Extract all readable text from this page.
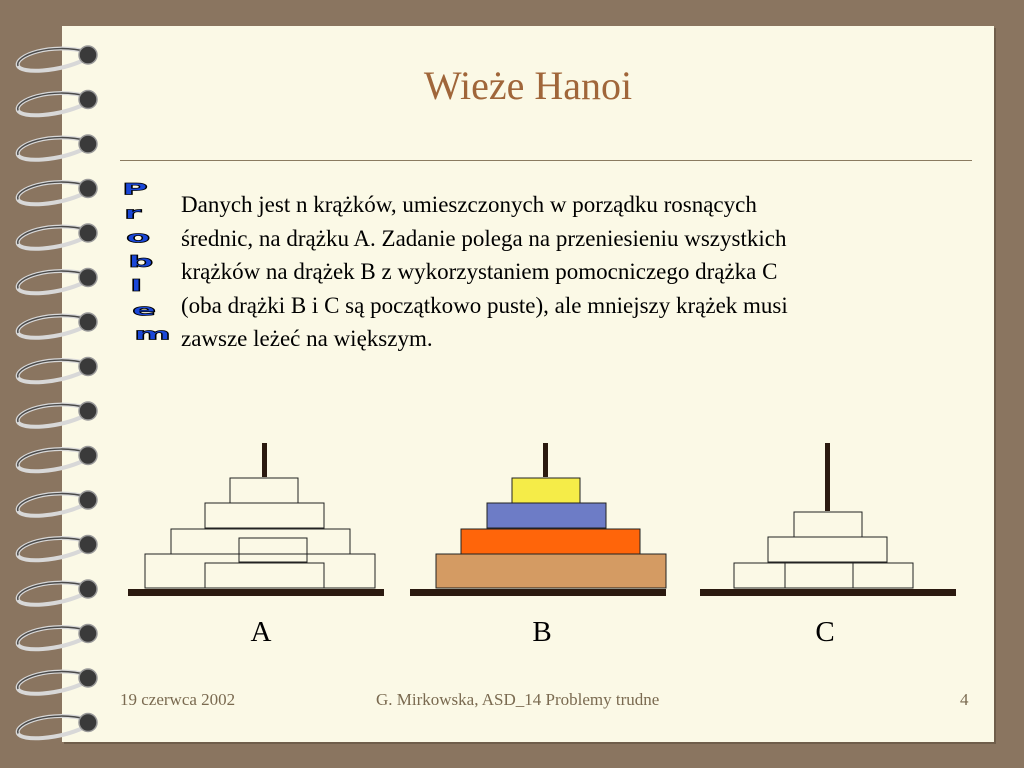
Wieże Hanoi
P
r
o
b
l
e
m
Danych jest n krążków, umieszczonych w porządku rosnących
średnic, na drążku A. Zadanie polega na przeniesieniu wszystkich
krążków na drążek B z wykorzystaniem pomocniczego drążka C
(oba drążki B i C są początkowo puste), ale mniejszy krążek musi
zawsze leżeć na większym.
A	B	C
19 czerwca 2002	G. Mirkowska, ASD_14 Problemy trudne	4
